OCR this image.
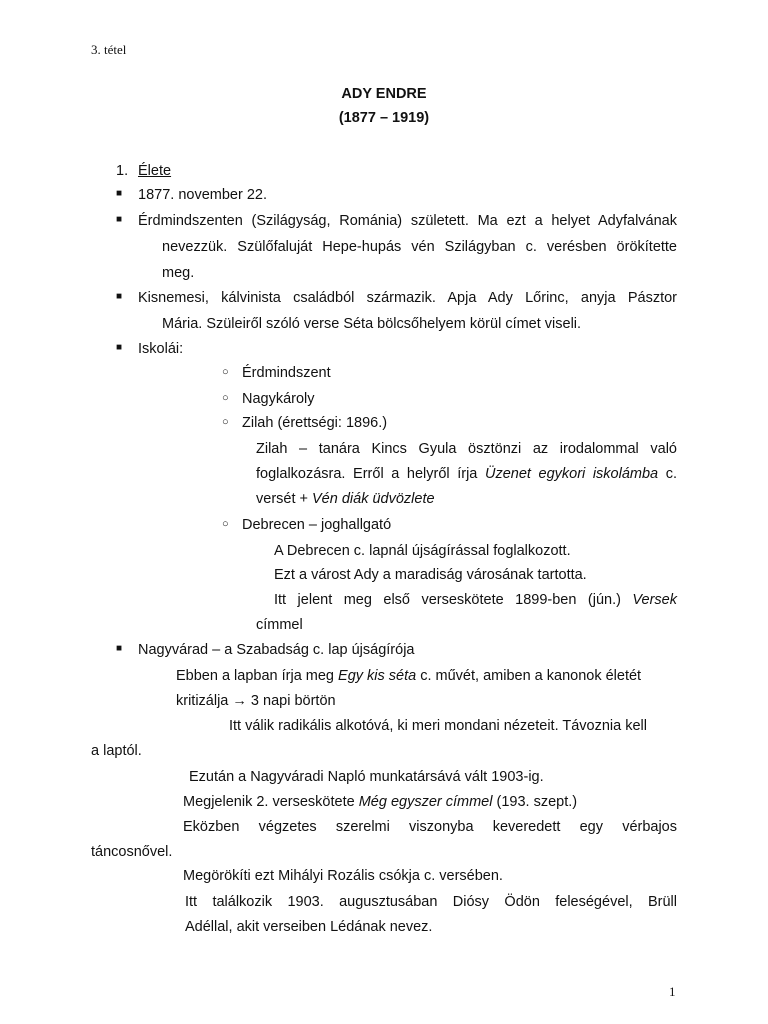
3. tétel
ADY ENDRE
(1877 – 1919)
1. Élete
■ 1877. november 22.
■ Érdmindszenten (Szilágyság, Románia) született. Ma ezt a helyet Adyfalvának
nevezzük. Szülőfaluját Hepe-hupás vén Szilágyban c. verésben örökítette
meg.
■ Kisnemesi, kálvinista családból származik. Apja Ady Lőrinc, anyja Pásztor
Mária. Szüleiről szóló verse Séta bölcsőhelyem körül címet viseli.
■ Iskolái:
○ Érdmindszent
○ Nagykároly
○ Zilah (érettségi: 1896.)
Zilah – tanára Kincs Gyula ösztönzi az irodalommal való
foglalkozásra. Erről a helyről írja Üzenet egykori iskolámba c.
versét + Vén diák üdvözlete
○ Debrecen – joghallgató
A Debrecen c. lapnál újságírással foglalkozott.
Ezt a várost Ady a maradiság városának tartotta.
Itt jelent meg első verseskötete 1899-ben (jún.) Versek
címmel
■ Nagyvárad – a Szabadság c. lap újságírója
Ebben a lapban írja meg Egy kis séta c. művét, amiben a kanonok életét
kritizálja → 3 napi börtön
Itt válik radikális alkotóvá, ki meri mondani nézeteit. Távoznia kell
a laptól.
Ezután a Nagyváradi Napló munkatársává vált 1903-ig.
Megjelenik 2. verseskötete Még egyszer címmel (193. szept.)
Eközben végzetes szerelmi viszonyba keveredett egy vérbajos
táncosnővel.
Megörökíti ezt Mihályi Rozális csókja c. versében.
Itt találkozik 1903. augusztusában Diósy Ödön feleségével, Brüll
Adéllal, akit verseiben Lédának nevez.
1
